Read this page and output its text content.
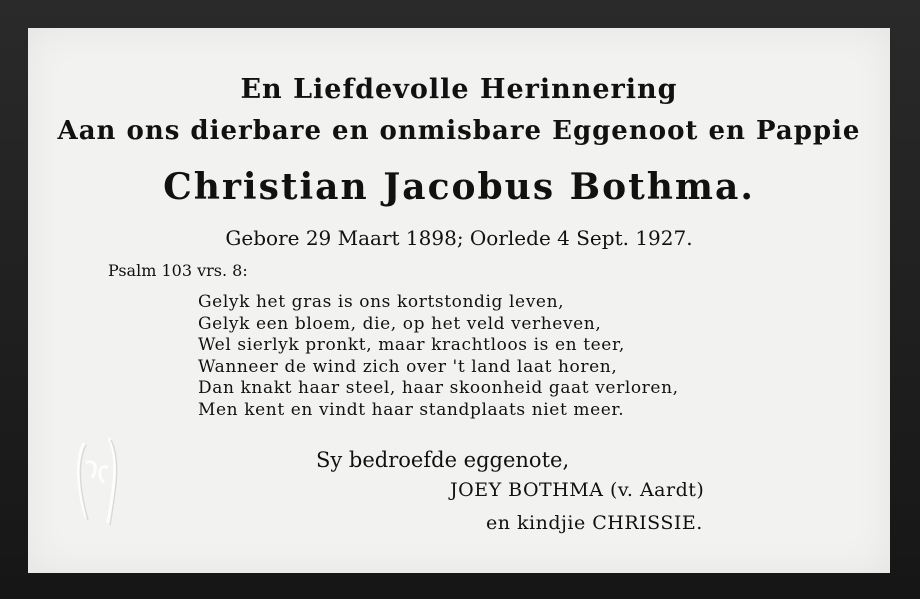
En Liefdevolle Herinnering
Aan ons dierbare en onmisbare Eggenoot en Pappie
Christian Jacobus Bothma.
Gebore 29 Maart 1898; Oorlede 4 Sept. 1927.
Psalm 103 vrs. 8:
Gelyk het gras is ons kortstondig leven,
Gelyk een bloem, die, op het veld verheven,
Wel sierlyk pronkt, maar krachtloos is en teer,
Wanneer de wind zich over 't land laat horen,
Dan knakt haar steel, haar skoonheid gaat verloren,
Men kent en vindt haar standplaats niet meer.
Sy bedroefde eggenote,
JOEY BOTHMA (v. Aardt)
en kindjie CHRISSIE.
